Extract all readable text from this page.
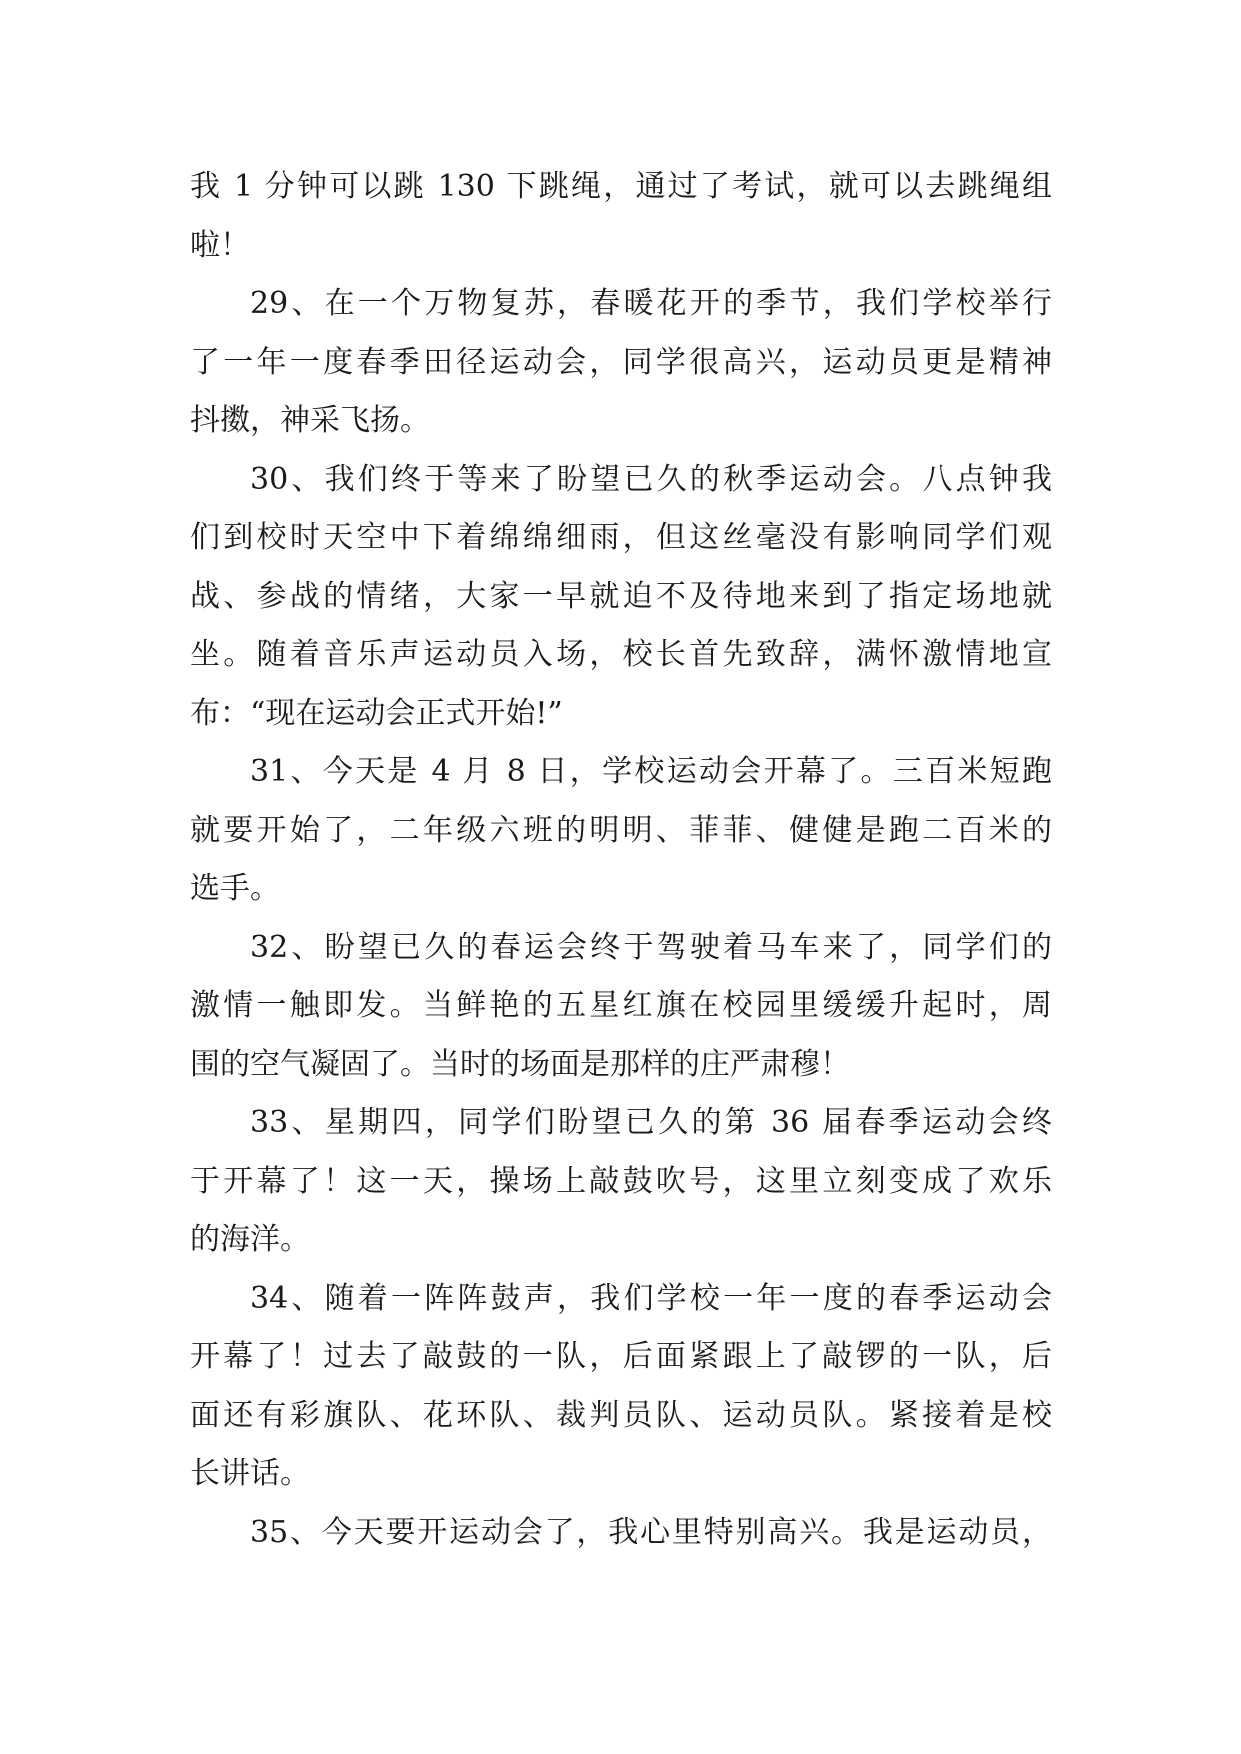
我 1 分钟可以跳 130 下跳绳，通过了考试，就可以去跳绳组
啦！
29、在一个万物复苏，春暖花开的季节，我们学校举行
了一年一度春季田径运动会，同学很高兴，运动员更是精神
抖擞，神采飞扬。
30、我们终于等来了盼望已久的秋季运动会。八点钟我
们到校时天空中下着绵绵细雨，但这丝毫没有影响同学们观
战、参战的情绪，大家一早就迫不及待地来到了指定场地就
坐。随着音乐声运动员入场，校长首先致辞，满怀激情地宣
布：“现在运动会正式开始!”
31、今天是 4 月 8 日，学校运动会开幕了。三百米短跑
就要开始了，二年级六班的明明、菲菲、健健是跑二百米的
选手。
32、盼望已久的春运会终于驾驶着马车来了，同学们的
激情一触即发。当鲜艳的五星红旗在校园里缓缓升起时，周
围的空气凝固了。当时的场面是那样的庄严肃穆！
33、星期四，同学们盼望已久的第 36 届春季运动会终
于开幕了！这一天，操场上敲鼓吹号，这里立刻变成了欢乐
的海洋。
34、随着一阵阵鼓声，我们学校一年一度的春季运动会
开幕了！过去了敲鼓的一队，后面紧跟上了敲锣的一队，后
面还有彩旗队、花环队、裁判员队、运动员队。紧接着是校
长讲话。
35、今天要开运动会了，我心里特别高兴。我是运动员，
